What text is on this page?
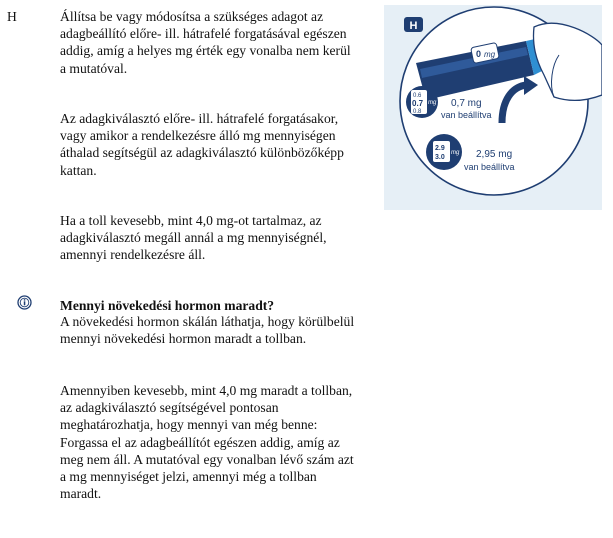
H	Állítsa be vagy módosítsa a szükséges adagot az adagbeállító előre- ill. hátrafelé forgatásával egészen addig, amíg a helyes mg érték egy vonalba nem kerül a mutatóval.

Az adagkiválasztó előre- ill. hátrafelé forgatásakor, vagy amikor a rendelkezésre álló mg mennyiségen áthalad segítségül az adagkiválasztó különbözőképp kattan.

Ha a toll kevesebb, mint 4,0 mg-ot tartalmaz, az adagkiválasztó megáll annál a mg mennyiségnél, amennyi rendelkezésre áll.

Mennyi növekedési hormon maradt?

A növekedési hormon skálán láthatja, hogy körülbelül mennyi növekedési hormon maradt a tollban.

Amennyiben kevesebb, mint 4,0 mg maradt a tollban, az adagkiválasztó segítségével pontosan meghatározhatja, hogy mennyi van még benne:
Forgassa el az adagbeállítót egészen addig, amíg az meg nem áll. A mutatóval egy vonalban lévő szám azt a mg mennyiséget jelzi, amennyi még a tollban maradt.

0 mg
H
0.6
0.7
0.8
mg 0,7 mg
van beállítva
2.9
3.0
mg 2,95 mg
van beállítva
